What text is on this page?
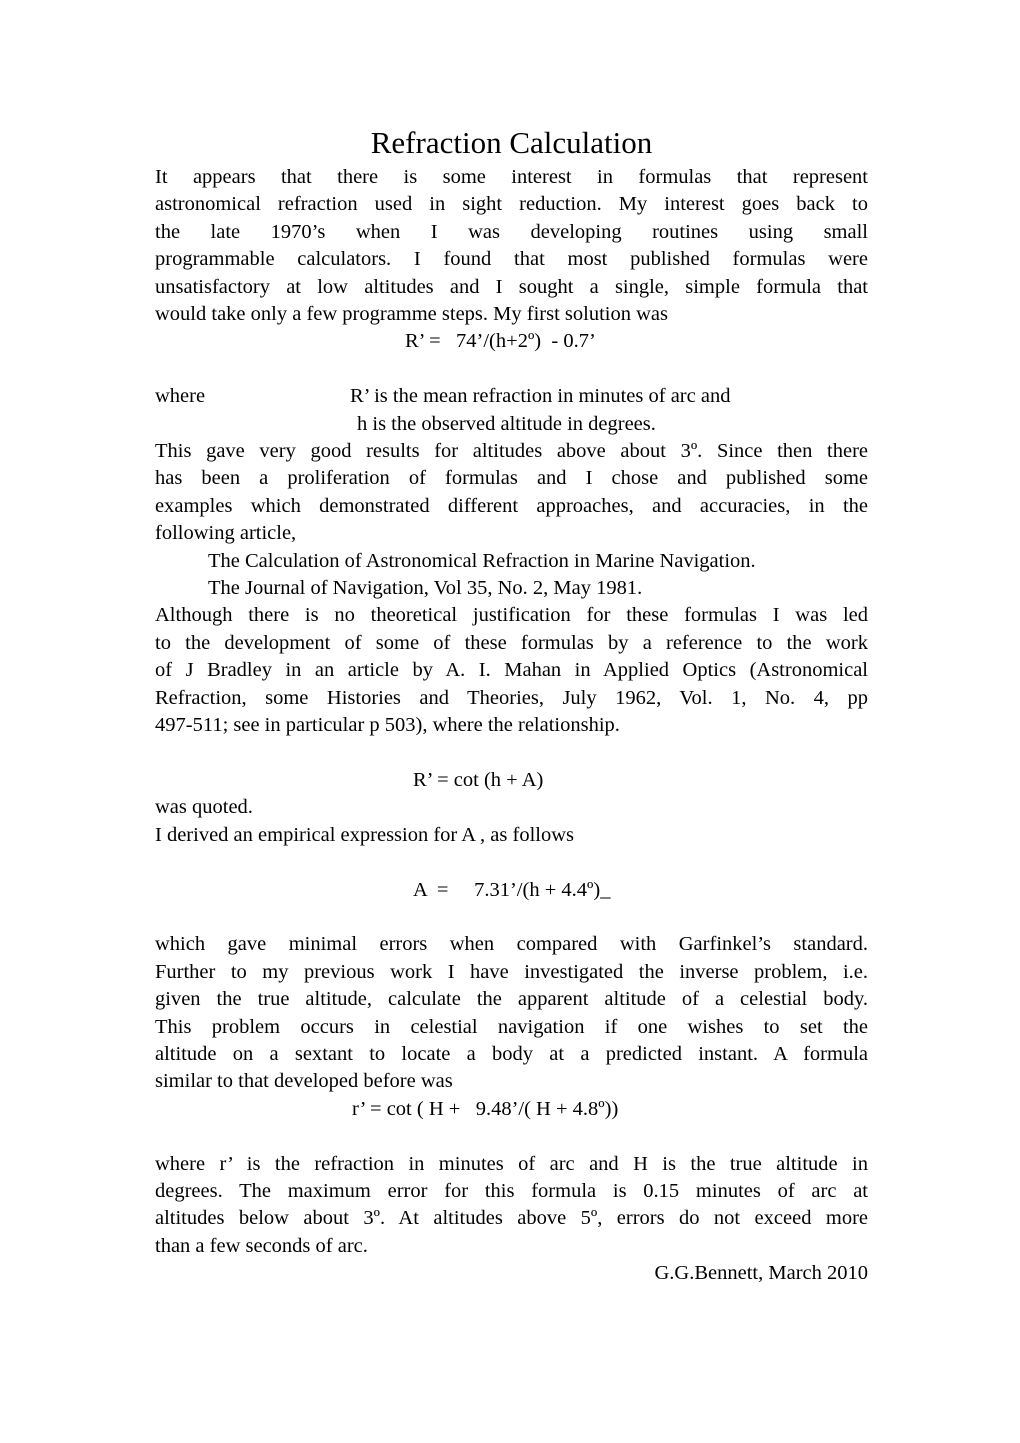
Refraction Calculation
It appears that there is some interest in formulas that represent
astronomical refraction used in sight reduction. My interest goes back to
the late 1970’s when I was developing routines using small
programmable calculators. I found that most published formulas were
unsatisfactory at low altitudes and I sought a single, simple formula that
would take only a few programme steps. My first solution was
R’ =   74’/(h+2º)  - 0.7’
where	R’ is the mean refraction in minutes of arc and
h is the observed altitude in degrees.
This gave very good results for altitudes above about 3º. Since then there
has been a proliferation of formulas and I chose and published some
examples which demonstrated different approaches, and accuracies, in the
following article,
The Calculation of Astronomical Refraction in Marine Navigation.
The Journal of Navigation, Vol 35, No. 2, May 1981.
Although there is no theoretical justification for these formulas I was led
to the development of some of these formulas by a reference to the work
of J Bradley in an article by A. I. Mahan in Applied Optics (Astronomical
Refraction, some Histories and Theories, July 1962, Vol. 1, No. 4, pp
497-511; see in particular p 503), where the relationship.
R’ = cot (h + A)
was quoted.
I derived an empirical expression for A , as follows
A  =     7.31’/(h + 4.4º)_
which gave minimal errors when compared with Garfinkel’s standard.
Further to my previous work I have investigated the inverse problem, i.e.
given the true altitude, calculate the apparent altitude of a celestial body.
This problem occurs in celestial navigation if one wishes to set the
altitude on a sextant to locate a body at a predicted instant. A formula
similar to that developed before was
r’ = cot ( H +   9.48’/( H + 4.8º))
where r’ is the refraction in minutes of arc and H is the true altitude in
degrees. The maximum error for this formula is 0.15 minutes of arc at
altitudes below about 3º. At altitudes above 5º, errors do not exceed more
than a few seconds of arc.
G.G.Bennett, March 2010
